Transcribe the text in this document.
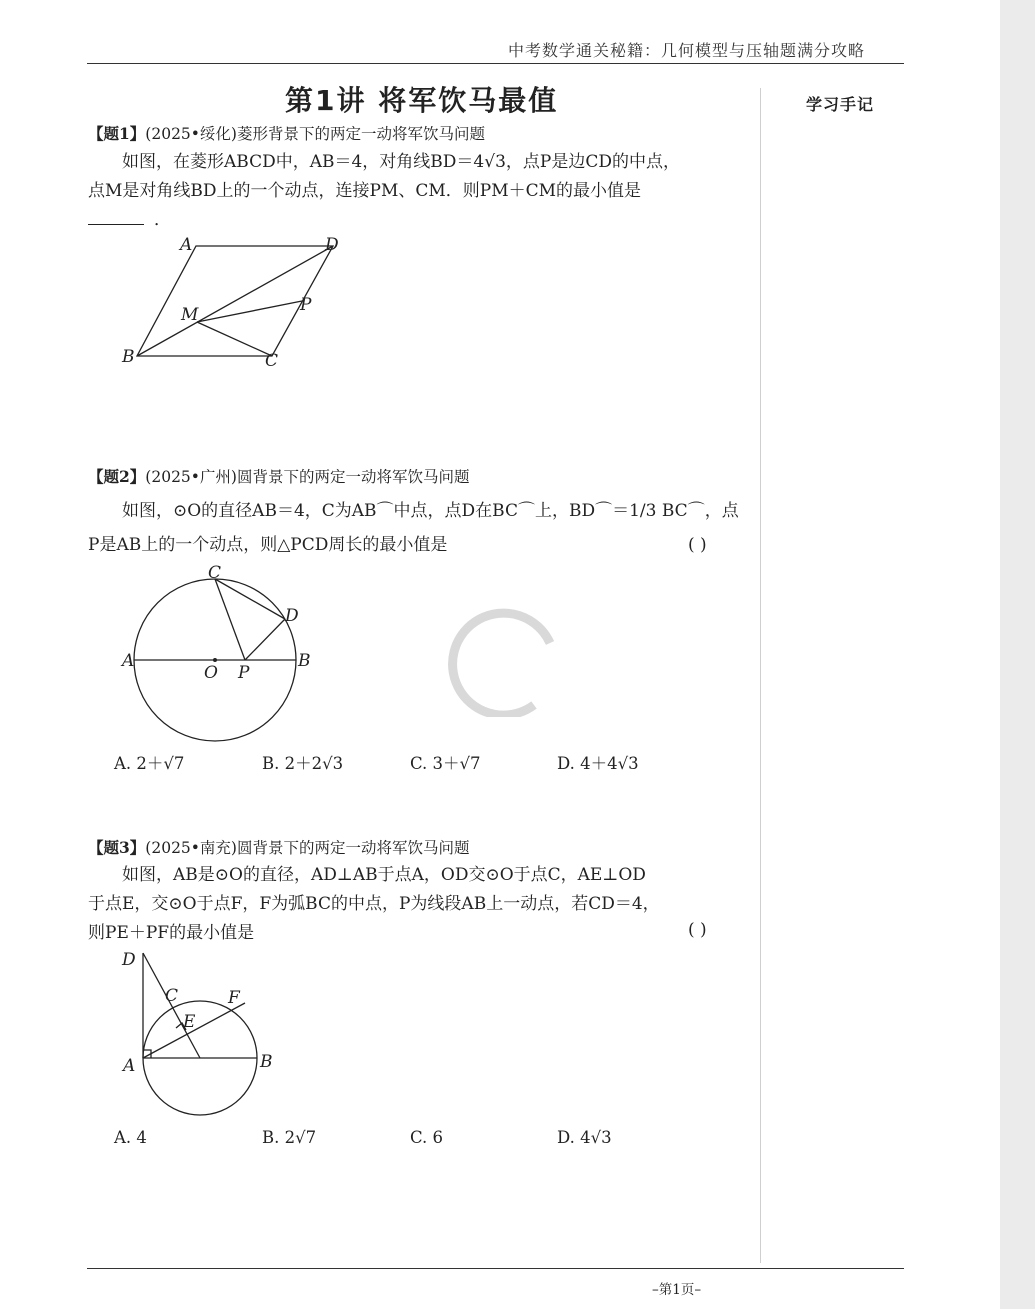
中考数学通关秘籍：几何模型与压轴题满分攻略
学习手记
第1讲 将军饮马最值
【题1】(2025•绥化)菱形背景下的两定一动将军饮马问题
如图，在菱形ABCD中，AB＝4，对角线BD＝4√3，点P是边CD的中点，
点M是对角线BD上的一个动点，连接PM、CM．则PM＋CM的最小值是
．
A	D
M	P
B	C
【题2】(2025•广州)圆背景下的两定一动将军饮马问题
如图，⊙O的直径AB＝4，C为AB⌒中点，点D在BC⌒上，BD⌒＝1/3 BC⌒，点
P是AB上的一个动点，则△PCD周长的最小值是	( )
C
D
A
O P
B
A. 2＋√7	B. 2＋2√3	C. 3＋√7	D. 4＋4√3
【题3】(2025•南充)圆背景下的两定一动将军饮马问题
如图，AB是⊙O的直径，AD⊥AB于点A，OD交⊙O于点C，AE⊥OD
于点E，交⊙O于点F，F为弧BC的中点，P为线段AB上一动点，若CD＝4，
则PE＋PF的最小值是	( )
D
C	F
E
A	B
A. 4	B. 2√7	C. 6	D. 4√3
–第1页–
